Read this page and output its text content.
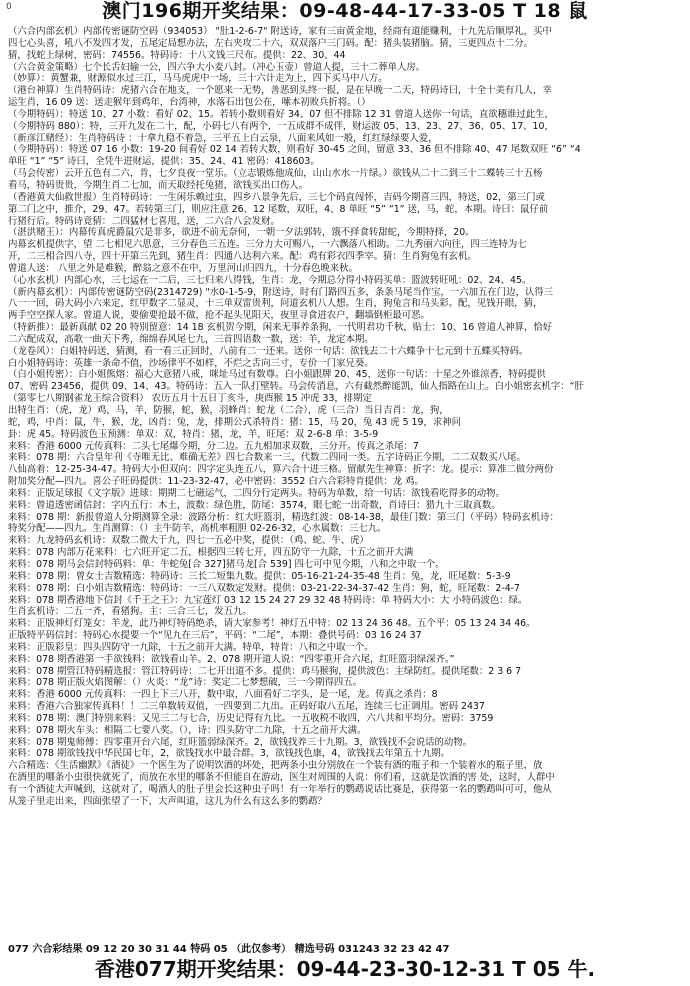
澳门196期开奖结果：09-48-44-17-33-05 T 18 鼠
0
（六合内部玄机）内部传密谜防空码（934053） "肚1-2-6-7" 附送诗，家有三亩黄金地，经商有道能赚利，十九先后顺厚礼，买中
四七心头喜，吼八不发四才发，五尾定局想办法，左右夹攻二十六，双双落户三门码。配：猪头装猪脑。猜，三更四点十二分。
猜，找蛇上绿树，密码：74556。特码诗：十八文钱三尺布。提供：22、30、44
（六合黄金策略）七个长舌妇输一公，四六争大小麦八封。（冲心玉壶）曾道人提，三十二葬单人房。
（妙算）：黄蟹兼，财源似水过三江，马马虎虎中一场，三十六计走为上，四下买马中八方。
（港台神算）生肖特码诗：虎猪六合在地支，一个愿来一无势，善恶到头终一报，是在早晚一二天，特码诗曰，十全十美有几人，幸
运生肖，16 09 送：送走猴年到鸡年，台湾神，水落石出包公在，嗦本初败兵折将。（）
（今期特码）：特送 10、27 小数：看好 02、15。若转小数则看好 34、07 但不排除 12 31 曾道人送你一句话，直欲穗谁过此生，
（今期特码 880）：特，三开九发在二十，配，小码七八有两个，一五成群不成伴，财运波 05、13、23、27、36、05、17、10，
（新彦江赌经）：生肖特码诗 ：十拿九稳不着急，三平五上白云泉，八面来风如一般，红红绿绿要人爱，
（今期特码）：特送 07 16 小数：19-20 间看好 02 14 若转大数，则看好 30-45 之间，留意 33、36 但不排除 40、47 尾数双旺 “6” “4
单旺 “1” “5” 诗曰，全凭牛进财运，提供：35、24、41 密码：418603。
（马会传密）云开五色有二六，肯，七夕良夜一堂乐。（立志锻炼他成仙，山山水水一片绿。）欲钱从二十二到三十二蝶转三十五杨
看马，特码贵贵，今期生肖二七加，而天取经托兔猪，欲钱买出口伤人。
（香港黄大仙救世报）生肖特码诗：一生闲乐赖过虫，四乡八景争先后，三七个码直闯怀，吉码今期喜三四，特送，02，第三门或
第二门之中，推介，29、47。若转第三门，则应注意 26、12 尾数，双旺，4、8 单旺 “5” “1” 送，马，蛇，本期。诗曰：鼠仔前
行猪行后。特码诗竟猜：二四猛材七喜甩，送，二六合八会发财。
（湛洪赌王）：内幕传真虎爵鼠穴是非多，欲进不前无奈何，一朝一夕法郭转，饿不择食转甜蛇，今期特择，20。
内幕玄机提供字，望 二七相见六思意，三分春色三五连。三分力大可赐八，一六飘落八相助。二九秀丽六向往，四三连特为七
开，二三相合四八寺，四十开第三先到，猪生肖：四通八达利六来。配：鸡有彩衣四季宰。猜：生肖狗兔有玄机。
曾道人送： 八里之外是难猴，醉翁之意不在中，万里河山归四九，十分春色晚来秋。
（心水玄机）内部心水，三七运在一二后，三七归来八得钱，生肖：龙，今期总分得小特码买单：篮波转旺吼：02、24、45。
（新内幕玄机）：内部传密谜防空码(2314729) "水0-1-5-9，附送诗，时有门路四五多，条条马尾当作宝，一六加五在门边，认得三
八一一回，码大码小六来定，红甲数字二显灵，十三单双雷贵利，问道玄机八人想。生肖，狗兔言和马头彩。配，见钱开眼，猜，
两手空空探人家。曾道人说，要偷要抢最不做，抢不起头见阳天，夜里寻食进农户，翻墙倒柜最可恶。
（特新推）：最新真献 02 20 特别留意：14 18 玄机贺今期，闲来无事养条狗，一代明君功千秋，贴士：10、16 曾道人神算，恰好
二六配成双，高歌一曲天下秀，绵绵春风尾七九，三首四语数一数，送：羊，龙定本期。
（龙卷风）：白姐特码送，猜测，看一看三正回时，八前有二一还来。送你一句话：欲钱去二十六蝶争十七元到十五蝶买特码。
白小姐特码诗：英雄一条命不值，沙场律平不如样，不烂之舌向三寸，专价一门家兄葵。
（白小姐传密）：白小姐熊熔：福心大意猪八戒，咪址马过有数尊。白小姐跟牌 20、45，送你一句话：十星之外谁涼香，特码提供
07、密码 23456，提供 09、14、43。特码诗：五入一队打壁转。马会传消息，六有截然醉能凯，仙人指路在山上。白小姐密玄机字：“肝
（第零七八期钢雀龙王综合资料） 农历五月十五日丁亥斗，庚酉猴 15 冲虎 33，排期定
出特生肖：（虎，龙）鸡，马，羊，防猴，蛇，猴，羽蜂肖：蛇龙（二合），虎（三合）当日吉肖：龙，狗，
蛇，鸡，中肖：鼠，牛，猴，龙，凶肖：兔，龙，排期公式杀特肖：猪：15，马 20，兔 43 虎 5 19，求神问
卦：虎 45。特码波色玉预测：单双：双，特肖：猪，龙，羊，旺尾：双 2-6-8 单：3-5-9
来料：香港 6000 元传真料：二头七尾爆今期，分二边。五九相加求双数，三分开。传真之杀尾：7
来料：078 期：六合皇年刊《寺唯无比、难确无差》四七合数来一三，代数二四同一类。五字诗码正今期，二二双数买八尾。
八仙高着：12-25-34-47。特码大小但双向：四字定头连五八，算六合十进三格。留献先生神算：折字：龙。提示：算准二做分两份
附加奖分配—四九。喜公子旺码提供：11-23-32-47，必中密码：3552 白六合彩特肯提供：龙 鸡。
来料：正版足球报《文字版》进球：期期二七磁运气，二四分行定两头。特码为单数，给一句话：欲钱看吃得多的动物。
来料：曾道透密函信封：字内五行：木土，波数：绿色胜，防尾：3574，眼七蛇一出奇数，肖诗曰：猎九十三取真数。
来料：078 期：新报曾道人分期测算全录：波路分析：红大旺篮羽，精选红波：08-14-38，最佳门数：第三门（平码）特码玄机诗：
特奖分配——四九。生肖测算：（）主牛防羊，高机率粗胆 02-26-32，心水属数：三七九。
来料：九龙特码玄机诗：双数二微大于九，四七一五必中奖，提供：（鸡、蛇、牛、虎）
来料：078 内部万花来料：七六旺开定二五，根据四三转七开，四五防守一九除，十五之前开大满
来料：078 期马会信封特码料：单：牛蛇兔[合 327]猪马龙[合 539] 四七可中见今期，八和之中取一个。
来料：078 期：曾女士吉数精选：特码诗：三长二短集九数。提供：05-16-21-24-35-48 生肖：兔，龙，旺尾数：5-3-9
来料：078 期：白小姐吉数精选：特码诗：一三八双数定发财。提供：03-21-22-34-37-42 生肖：狗，蛇，旺尾数：2-4-7
来料：078 期香港地下信封《千王之王》：九宝莲灯 03 12 15 24 27 29 32 48 特码诗：单 特码大小：大 小特码波色：绿。
生肖玄机诗：二五一齐，看猪狗。主：三合三七，发五九。
来料：正版神灯灯笼女：羊龙，此乃神灯特码绝杀，请大家参考！神灯五中特：02 13 24 36 48。五个平：05 13 24 34 46。
正版特平码信封：特码心水提要一个“见九在三后”，平码：“二尾”，本期：叠供号码：03 16 24 37
来料：正版彩皇：四头四防守一九除，十五之前开大满。特单，特肯：八和之中取一个。
来料：078 期香港第一手欲钱料：欲钱看山羊。2、078 期开道人说：“四零重开合六尾，红旺篮羽绿深齐。”
来料：078 期管江特码精选报：管江特码诗：二七开出道不多。提供：鸡马猴狗，提供波色：主绿防红。提供尾数：2 3 6 7
来料：078 期正版火焰图解：（）火炎：“龙”诗：奖定二七梦想破，三一今期得四五。
来料：香港 6000 元传真料：一四上下三八开，数中取，八面看好二字头，是一尾，龙。传真之杀肖：8
来料：香港六合独家传真料！！二三单数转双值，一四要到二九出。正码好取八五尾，连续三七正调用。密码 2437
来料：078 期：澳门特别来料：又见三二与七合，历史记得有九比。一五收税不收四，六八共和平均分。密码：3759
来料：078 期火车头：相隔二七要八奖。（），诗：四头防守二九除，十五之前开大满。
来料：078 期鬼师傅：四零重开台六尾，红旺篮弱绿深齐。2，欲钱找养三十九期。3，欲钱找不会说话的动物。
来料：078 期欲钱找中华民国七年，2，欲钱找水中最合群。3，欲钱找色康，4，欲钱找去年第五十九期。
六合精选：《生活幽默》《酒徒》一个医生为了说明饮酒的坏处，把两条小虫分别放在一个装有酒的瓶子和一个装着水的瓶子里，放
在酒里的哪条小虫很快就死了，而放在水里的哪条不但能自在游动，医生对周围的人说：你们看，这就是饮酒的害 处，这时，人群中
有一个酒徒大声喊到，这就对了，喝酒人的肚子里会长这种虫子吗！有一年举行的鹦鹉说话比赛是，获得第一名的鹦鹉叫可可，他从
从笼子里走出来，四面张望了一下，大声叫道，这儿为什么有这么多的鹦鹉？
077 六合彩结果 09 12 20 30 31 44 特码 05 （此仅参考） 精选号码 031243 32 23 42 47
香港077期开奖结果：09-44-23-30-12-31 T 05 牛.
